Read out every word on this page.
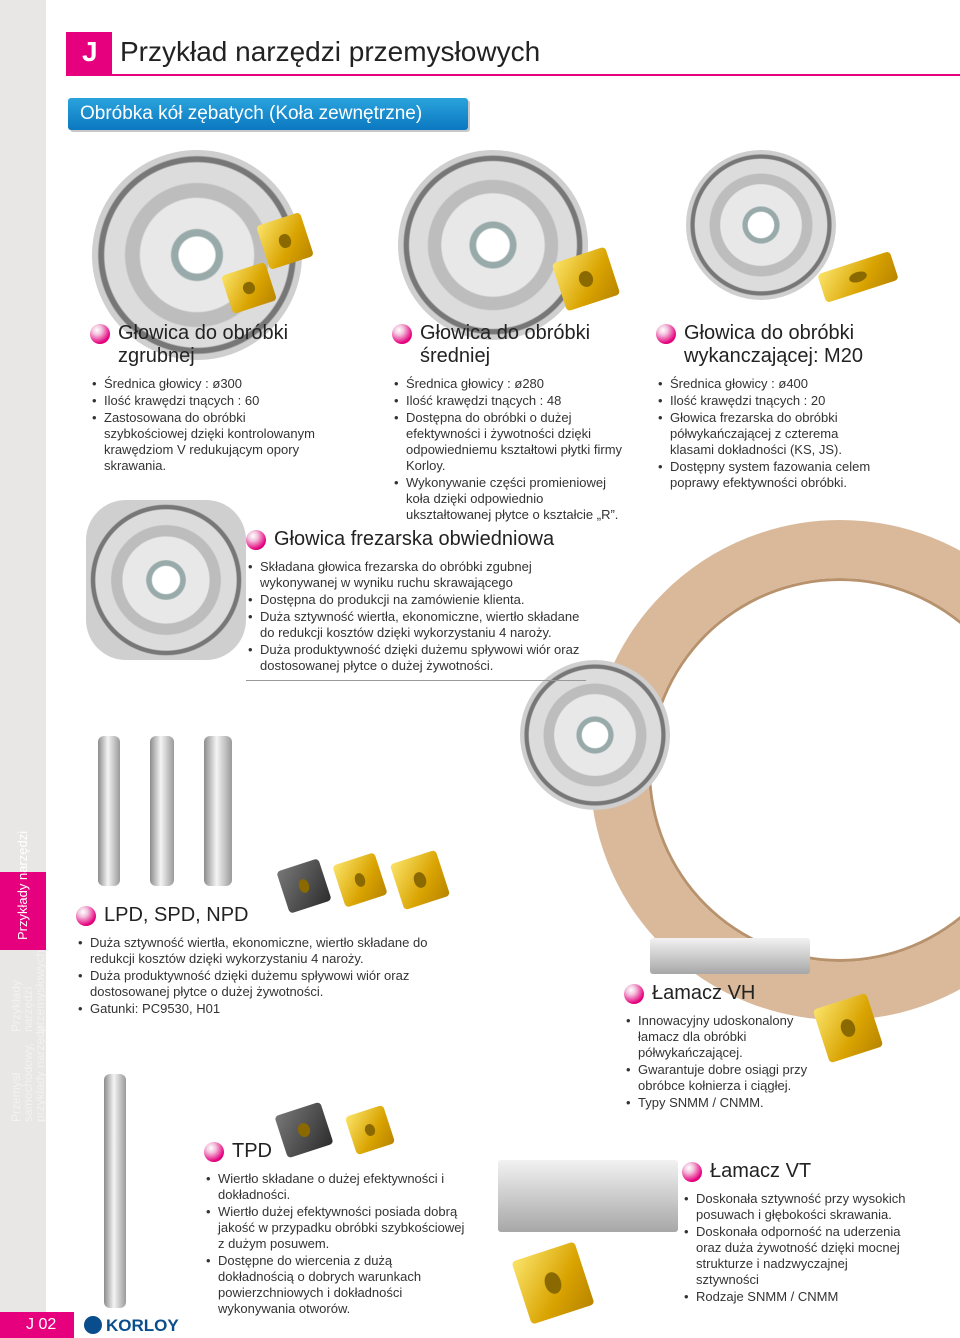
Przykłady narzędzi
Przykłady narzędzi przemysłowych
Przemysł samochodowy, przykłady narzędzi
J 02	KORLOY
J Przykład narzędzi przemysłowych
Obróbka kół zębatych (Koła zewnętrzne)
Głowica do obróbki
zgrubnej
• Średnica głowicy : ø300
• Ilość krawędzi tnących : 60
• Zastosowana do obróbki szybkościowej dzięki kontrolowanym krawędziom V redukującym opory skrawania.
Głowica do obróbki
średniej
• Średnica głowicy : ø280
• Ilość krawędzi tnących : 48
• Dostępna do obróbki o dużej efektywności i żywotności dzięki odpowiedniemu kształtowi płytki firmy Korloy.
• Wykonywanie części promieniowej koła dzięki odpowiednio ukształtowanej płytce o kształcie „R”.
Głowica do obróbki
wykanczającej: M20
• Średnica głowicy : ø400
• Ilość krawędzi tnących : 20
• Głowica frezarska do obróbki półwykańczającej z czterema klasami dokładności (KS, JS).
• Dostępny system fazowania celem poprawy efektywności obróbki.
Głowica frezarska obwiedniowa
• Składana głowica frezarska do obróbki zgubnej wykonywanej w wyniku ruchu skrawającego
• Dostępna do produkcji na zamówienie klienta.
• Duża sztywność wiertła, ekonomiczne, wiertło składane do redukcji kosztów dzięki wykorzystaniu 4 naroży.
• Duża produktywność dzięki dużemu spływowi wiór oraz dostosowanej płytce o dużej żywotności.
LPD, SPD, NPD
• Duża sztywność wiertła, ekonomiczne, wiertło składane do redukcji kosztów dzięki wykorzystaniu 4 naroży.
• Duża produktywność dzięki dużemu spływowi wiór oraz dostosowanej płytce o dużej żywotności.
• Gatunki: PC9530, H01
Łamacz VH
• Innowacyjny udoskonalony łamacz dla obróbki półwykańczającej.
• Gwarantuje dobre osiągi przy obróbce kołnierza i ciągłej.
• Typy SNMM / CNMM.
TPD
• Wiertło składane o dużej efektywności i dokładności.
• Wiertło dużej efektywności posiada dobrą jakość w przypadku obróbki szybkościowej z dużym posuwem.
• Dostępne do wiercenia z dużą dokładnością o dobrych warunkach powierzchniowych i dokładności wykonywania otworów.
Łamacz VT
• Doskonała sztywność przy wysokich posuwach i głębokości skrawania.
• Doskonała odporność na uderzenia oraz duża żywotność dzięki mocnej strukturze i nadzwyczajnej sztywności
• Rodzaje SNMM / CNMM
